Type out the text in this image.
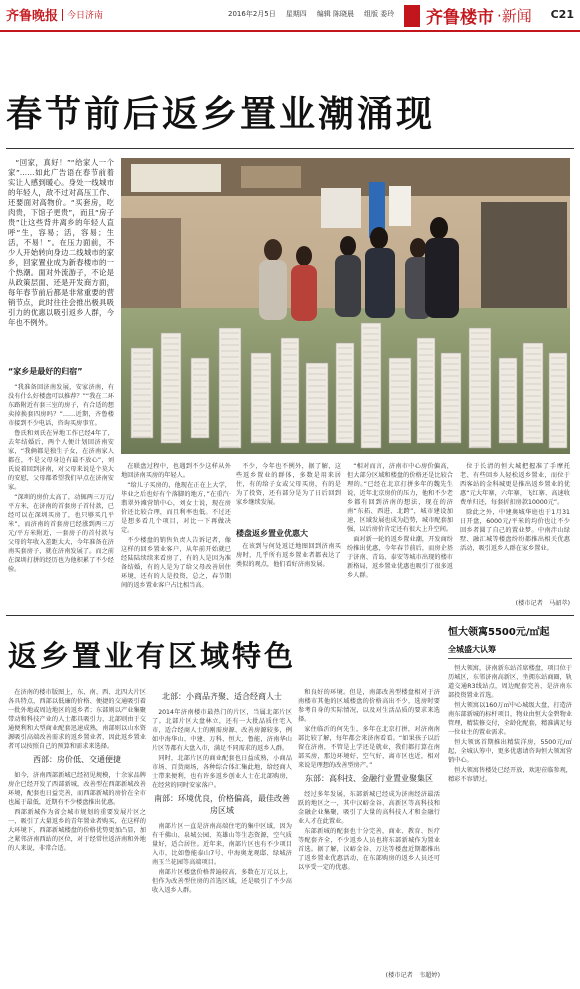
齐鲁晚报 今日济南	2016年2月5日 星期四 编辑 陈晓晨 组版 委玲 齐鲁楼市 ·新闻 C21
春节前后返乡置业潮涌现
“回家，真好！”“给家人一个家”……如此广告语在春节前着实让人感到暖心。身处一线城市的年轻人，敌不过对高压工作、还要面对高物价。“买套房，吃肉贵，下馆子更贵”，而且“房子贵”让这些背井离乡的年轻人直呼“生，容易；活，容易；生活，不易！”。在压力面前，不少人开始转向身边二线城市的家乡，回家置业成为新春楼市的一个热潮。面对外流游子，不论是从政策层面、还是开发商方面，每年春节前后都是非常重要的营销节点，此时往往会推出极具吸引力的优惠以吸引返乡人群，今年也不例外。
“家乡是最好的归宿”

“我准备回济南发展，安家济南，有没有什么好楼盘可以推荐？”“我在二环东路附近有套三室的房子，有合适的想卖掉换套四房吗？”……近期，齐鲁楼市接到不少电话，咨询买房事宜。

鲁氏和刘氏在异地工作已经4年了，去年结婚后，两个人便计划回济南安家，“我俩都是独生子女，在济南家人都在，不是父母身边有最不放心”，刘氏说着回到济南，对父母来说是个莫大的安慰，父母都希望我们早点在济南安家。

“深圳的房价太高了，动辄两三万元/平方米，在济南的首套房子首付款，已经可以在深圳买房了，也只够买几平米”，而济南的首套房已经涨到两三万元/平方米附近，一套房子的首付款与父母的年收入差距太大，今年准备在济南买套房子，就在济南发展了。而之前在深圳打拼的经历也为他积累了不少经验。

在联盘过程中，也遇到不少这样从外地回济南买房的年轻人。

“给儿子买房的，他现在正在上大学，毕业之后也好有个落脚的地方，”在重汽·翡翠外滩营销中心，刘女士说，现在房价还比较合理，而且利率也低。不过还是想多看几个项目，对比一下再做决定。

不少楼盘的销售负责人告诉记者，像这样的回乡置业客户，从年前开始就已经陆陆续续来看房了，有的人是因为准备结婚，有的人是为了给父母改善居住环境，还有的人是投资，总之，春节期间的返乡置业客户占比相当高。

不少，今年也不例外，据了解，这些返乡置业的群体，多数是用来居住，有的给子女或父母买房，有的是为了投资，还有部分是为了日后回到家乡继续发展。

楼盘返乡置业优惠大

在该到与何处返迁地图回到济南买房时，几乎所有返乡置业者都表达了类似的观点，他们看好济南发展。

“相对而言，济南市中心房价偏高，但大部分区域和楼盘的价格还是比较合理的。”已经在北京打拼多年的魏先生说，近年北京房价的压力，他和不少老乡都有回到济南的想法，现在的济南“东拓、西进、北跨”，城市建设加速，区域发展也成为趋势，城市配套加强，以后房价肯定还有很大上升空间。

面对新一轮的返乡置业潮，开发商纷纷推出优惠，今年春节前后，而房企基于济南、青岛、泰安等城市出现的楼市新格局，返乡置业优惠也吸引了很多返乡人群。

位于长清的恒大城把握准了手摩托老、有些回乡人轻松返乡置业，而位于西客站的金科城更是推出返乡置业的优惠“元大年寨，六年寨，飞红寨、高速收费单归还，每套折扣房款10000元”。

除此之外，中建奥城华庭也于1月31日开盘，6000元/平米的均价也让不少回乡者圆了自己的置业梦。中南泮山绿墅、融汇城等楼盘纷纷都推出相关优惠活动，吸引返乡人群在家乡置业。

(楼市记者　马韶萃)
返乡置业有区域特色
恒大领寓5500元/㎡起
全城盛大认筹

在济南的楼市版图上，东、南、西、北四大片区各具特点，西部以低廉的价格、便捷的交通吸引着一批外地或周边地区的返乡者；东部则以产业集聚带动和科技产业的人士都具吸引力，北部则由于交通便利和大型商业配套迅速成熟，南部则以山水资源吸引高端改善需求的返乡置业者，因此返乡置业者可以按照自己的预算和需求来选择。

西部：房价低、交通便捷

如今，济南西部新城已经初见规模，十余家品牌房企已经开发了西部新城，改善型在西部新城改善环境，配套也日益完善，而西部新城的房价在全市也属于最低，近期有不少楼盘推出优惠。

西部新城作为省会城市规划的重要发展片区之一，吸引了大量返乡的青年置业者购买，在这样的大环境下，西部新城楼盘的价格优势更加凸显，加之紧邻济南西站的区位，对于经常往返济南和外地的人来说，非常合适。

北部：小商品齐聚、适合经商人士

2014年济南楼市最热门的片区，当属北部片区了。北部片区大盘林立，还有一大批品质住宅入市，适合经商人士的刚需房源、改善房源较多，例如中海华山、中建、万科、恒大、鲁能，济南华山片区等都有大盘入市，满足不同需求的返乡人群。

同时，北部片区的商业配套也日益成熟，小商品市场、百货商场，各种综合体汇集此地，给经商人士带来便利，也有许多返乡创业人士在北部购房，在经营的同时安家落户。

南部：环境优良，价格偏高，最佳改善房区域

南部片区一直是济南高端住宅的集中区域，因为有千佛山、泉城公园、英雄山等生态资源，空气质量好，适合居住。近年来，南部片区也有不少项目入市，比如鲁能泰山7号、中海奥龙观邸、绿城济南玉兰花园等高端项目。

南部片区楼盘价格普遍较高，多数在万元以上，但作为改善型住房的首选区域，还是吸引了不少高收入返乡人群。

和良好的环境。但是，南部改善型楼盘相对于济南楼市其他的区域楼盘的价格高出不少，选房时要参考自身的实际情况，以及对生活品质的要求来选择。

家住临沂的何先生，多年在北京打拼，对济南南部比较了解，每年都会来济南看看。“如果孩子以后留在济南，不管是上学还是就业，我们都打算在南部买房，那边环境好，空气好，离市区也近，相对来说是理想的改善型房产。”

东部：高科技、金融行业置业聚集区

经过多年发展，东部新城已经成为济南经济最活跃的地区之一，其中汉峪金谷、高新区等高科技和金融企业集聚，吸引了大量的高科技人才和金融行业人才在此置业。

东部新城的配套也十分完善，商业、教育、医疗等配套齐全，不少返乡人员也将东部新城作为置业首选。据了解，汉峪金谷、万达等楼盘近期都推出了返乡置业优惠活动，在东部购房的返乡人员还可以享受一定的优惠。

(楼市记者　韦超婷)

恒大领寓，济南新东站首席楼盘，项目位于历城区，东邻济南高新区，坐拥东站商圈，轨道交通R3线站点，周边配套完善，是济南东部投资置业首选。

恒大领寓以160万㎡中心城级大盘，打造济南东部新城的标杆项目，物业由恒大金碧物业管理，精装修交付，全龄化配套，精准满足每一位业主的置业需求。

恒大领寓首期推出精装洋房，5500元/㎡起，全城认筹中，更多优惠请咨询恒大领寓营销中心。

恒大领寓售楼处已经开放，欢迎莅临参观，精彩不容错过。
